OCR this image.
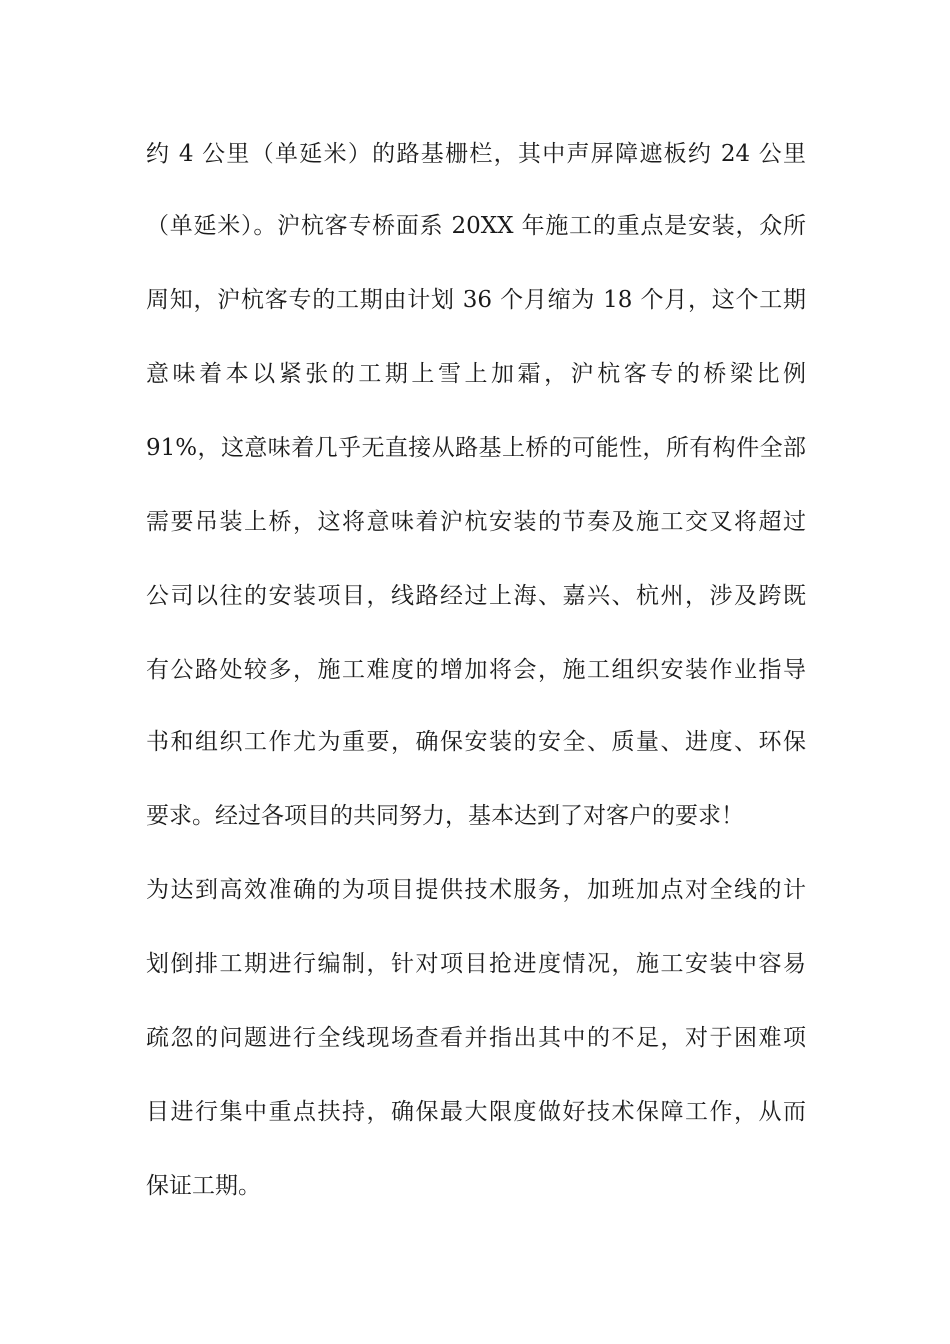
约 4 公里（单延米）的路基栅栏，其中声屏障遮板约 24 公里
（单延米）。沪杭客专桥面系 20XX 年施工的重点是安装，众所
周知，沪杭客专的工期由计划 36 个月缩为 18 个月，这个工期
意味着本以紧张的工期上雪上加霜，沪杭客专的桥梁比例
91%，这意味着几乎无直接从路基上桥的可能性，所有构件全部
需要吊装上桥，这将意味着沪杭安装的节奏及施工交叉将超过
公司以往的安装项目，线路经过上海、嘉兴、杭州，涉及跨既
有公路处较多，施工难度的增加将会，施工组织安装作业指导
书和组织工作尤为重要，确保安装的安全、质量、进度、环保
要求。经过各项目的共同努力，基本达到了对客户的要求！
为达到高效准确的为项目提供技术服务，加班加点对全线的计
划倒排工期进行编制，针对项目抢进度情况，施工安装中容易
疏忽的问题进行全线现场查看并指出其中的不足，对于困难项
目进行集中重点扶持，确保最大限度做好技术保障工作，从而
保证工期。
